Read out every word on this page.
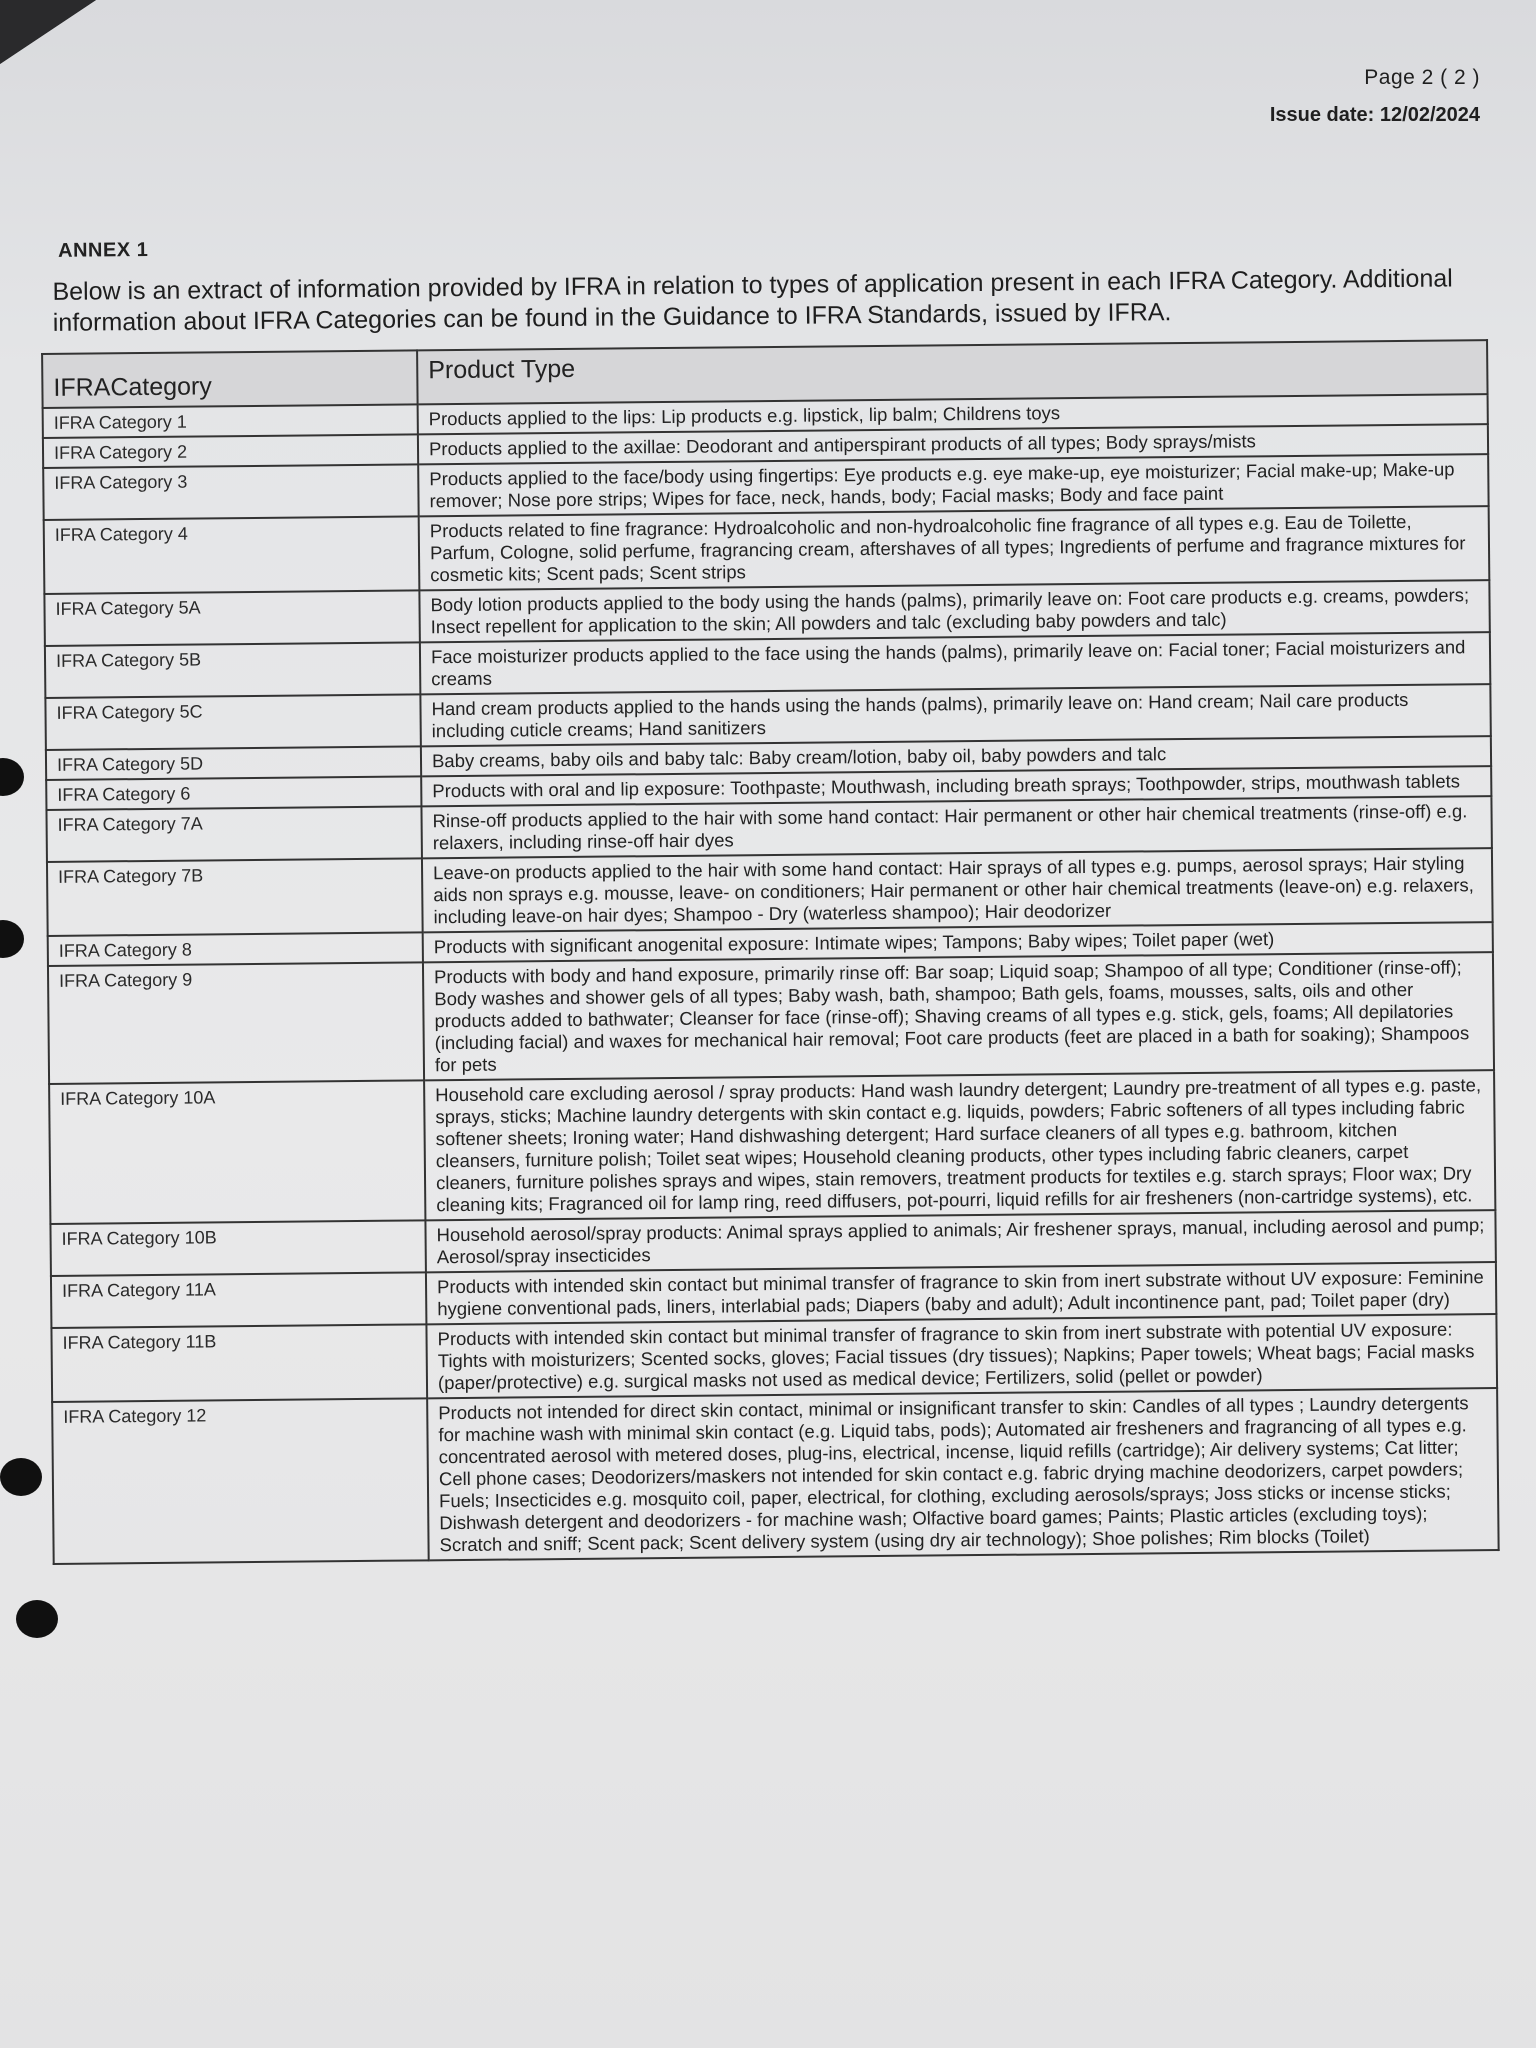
Page 2 ( 2 )
Issue date: 12/02/2024
ANNEX 1
Below is an extract of information provided by IFRA in relation to types of application present in each IFRA Category. Additional information about IFRA Categories can be found in the Guidance to IFRA Standards, issued by IFRA.
IFRACategory	Product Type
IFRA Category 1	Products applied to the lips: Lip products e.g. lipstick, lip balm; Childrens toys
IFRA Category 2	Products applied to the axillae: Deodorant and antiperspirant products of all types; Body sprays/mists
IFRA Category 3	Products applied to the face/body using fingertips: Eye products e.g. eye make-up, eye moisturizer; Facial make-up; Make-up remover; Nose pore strips; Wipes for face, neck, hands, body; Facial masks; Body and face paint
IFRA Category 4	Products related to fine fragrance: Hydroalcoholic and non-hydroalcoholic fine fragrance of all types e.g. Eau de Toilette, Parfum, Cologne, solid perfume, fragrancing cream, aftershaves of all types; Ingredients of perfume and fragrance mixtures for cosmetic kits; Scent pads; Scent strips
IFRA Category 5A	Body lotion products applied to the body using the hands (palms), primarily leave on: Foot care products e.g. creams, powders; Insect repellent for application to the skin; All powders and talc (excluding baby powders and talc)
IFRA Category 5B	Face moisturizer products applied to the face using the hands (palms), primarily leave on: Facial toner; Facial moisturizers and creams
IFRA Category 5C	Hand cream products applied to the hands using the hands (palms), primarily leave on: Hand cream; Nail care products including cuticle creams; Hand sanitizers
IFRA Category 5D	Baby creams, baby oils and baby talc: Baby cream/lotion, baby oil, baby powders and talc
IFRA Category 6	Products with oral and lip exposure: Toothpaste; Mouthwash, including breath sprays; Toothpowder, strips, mouthwash tablets
IFRA Category 7A	Rinse-off products applied to the hair with some hand contact: Hair permanent or other hair chemical treatments (rinse-off) e.g. relaxers, including rinse-off hair dyes
IFRA Category 7B	Leave-on products applied to the hair with some hand contact: Hair sprays of all types e.g. pumps, aerosol sprays; Hair styling aids non sprays e.g. mousse, leave- on conditioners; Hair permanent or other hair chemical treatments (leave-on) e.g. relaxers, including leave-on hair dyes; Shampoo - Dry (waterless shampoo); Hair deodorizer
IFRA Category 8	Products with significant anogenital exposure: Intimate wipes; Tampons; Baby wipes; Toilet paper (wet)
IFRA Category 9	Products with body and hand exposure, primarily rinse off: Bar soap; Liquid soap; Shampoo of all type; Conditioner (rinse-off); Body washes and shower gels of all types; Baby wash, bath, shampoo; Bath gels, foams, mousses, salts, oils and other products added to bathwater; Cleanser for face (rinse-off); Shaving creams of all types e.g. stick, gels, foams; All depilatories (including facial) and waxes for mechanical hair removal; Foot care products (feet are placed in a bath for soaking); Shampoos for pets
IFRA Category 10A	Household care excluding aerosol / spray products: Hand wash laundry detergent; Laundry pre-treatment of all types e.g. paste, sprays, sticks; Machine laundry detergents with skin contact e.g. liquids, powders; Fabric softeners of all types including fabric softener sheets; Ironing water; Hand dishwashing detergent; Hard surface cleaners of all types e.g. bathroom, kitchen cleansers, furniture polish; Toilet seat wipes; Household cleaning products, other types including fabric cleaners, carpet cleaners, furniture polishes sprays and wipes, stain removers, treatment products for textiles e.g. starch sprays; Floor wax; Dry cleaning kits; Fragranced oil for lamp ring, reed diffusers, pot-pourri, liquid refills for air fresheners (non-cartridge systems), etc.
IFRA Category 10B	Household aerosol/spray products: Animal sprays applied to animals; Air freshener sprays, manual, including aerosol and pump; Aerosol/spray insecticides
IFRA Category 11A	Products with intended skin contact but minimal transfer of fragrance to skin from inert substrate without UV exposure: Feminine hygiene conventional pads, liners, interlabial pads; Diapers (baby and adult); Adult incontinence pant, pad; Toilet paper (dry)
IFRA Category 11B	Products with intended skin contact but minimal transfer of fragrance to skin from inert substrate with potential UV exposure: Tights with moisturizers; Scented socks, gloves; Facial tissues (dry tissues); Napkins; Paper towels; Wheat bags; Facial masks (paper/protective) e.g. surgical masks not used as medical device; Fertilizers, solid (pellet or powder)
IFRA Category 12	Products not intended for direct skin contact, minimal or insignificant transfer to skin: Candles of all types ; Laundry detergents for machine wash with minimal skin contact (e.g. Liquid tabs, pods); Automated air fresheners and fragrancing of all types e.g. concentrated aerosol with metered doses, plug-ins, electrical, incense, liquid refills (cartridge); Air delivery systems; Cat litter; Cell phone cases; Deodorizers/maskers not intended for skin contact e.g. fabric drying machine deodorizers, carpet powders; Fuels; Insecticides e.g. mosquito coil, paper, electrical, for clothing, excluding aerosols/sprays; Joss sticks or incense sticks; Dishwash detergent and deodorizers - for machine wash; Olfactive board games; Paints; Plastic articles (excluding toys); Scratch and sniff; Scent pack; Scent delivery system (using dry air technology); Shoe polishes; Rim blocks (Toilet)
